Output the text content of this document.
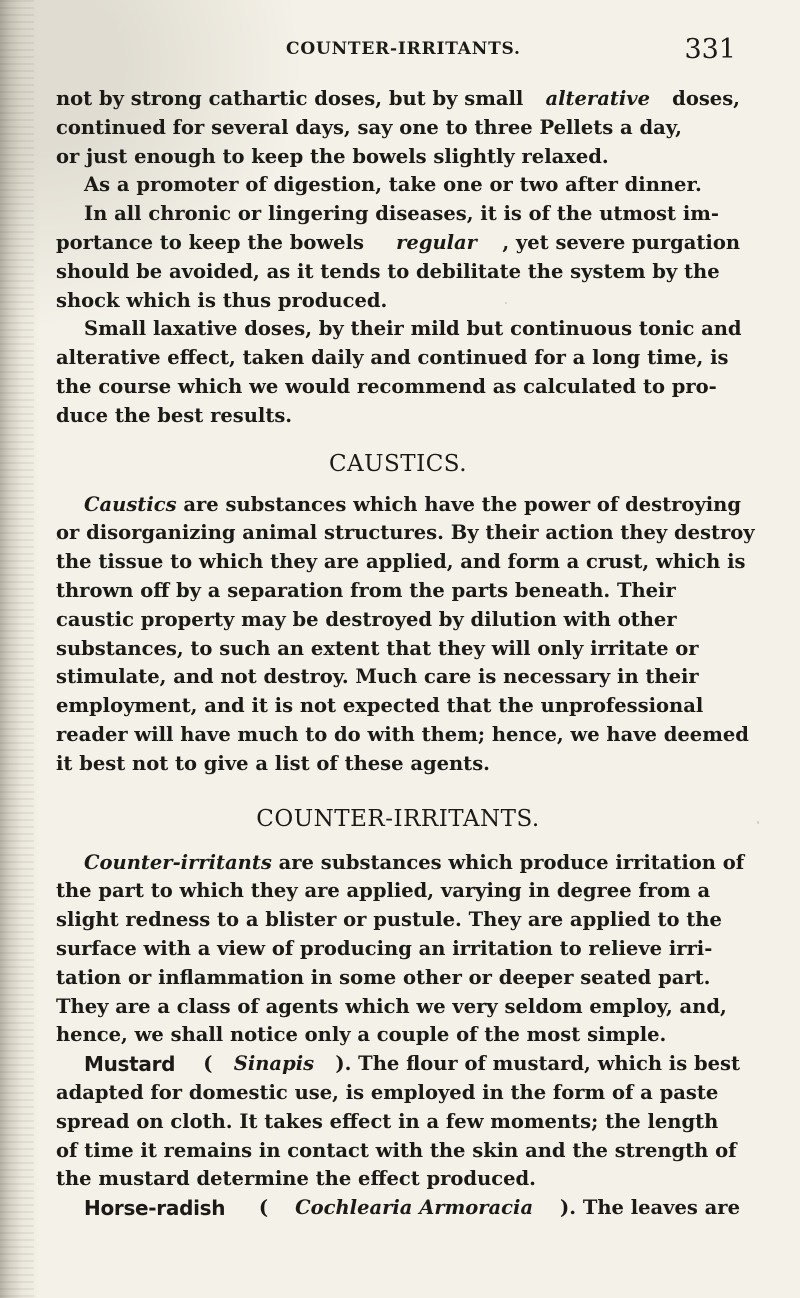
COUNTER-IRRITANTS.	331
not by strong cathartic doses, but by small alterative doses,
continued for several days, say one to three Pellets a day,
or just enough to keep the bowels slightly relaxed.
As a promoter of digestion, take one or two after dinner.
In all chronic or lingering diseases, it is of the utmost im-
portance to keep the bowels regular , yet severe purgation
should be avoided, as it tends to debilitate the system by the
shock which is thus produced.
Small laxative doses, by their mild but continuous tonic and
alterative effect, taken daily and continued for a long time, is
the course which we would recommend as calculated to pro-
duce the best results.
CAUSTICS.
Caustics are substances which have the power of destroying
or disorganizing animal structures. By their action they destroy
the tissue to which they are applied, and form a crust, which is
thrown off by a separation from the parts beneath. Their
caustic property may be destroyed by dilution with other
substances, to such an extent that they will only irritate or
stimulate, and not destroy. Much care is necessary in their
employment, and it is not expected that the unprofessional
reader will have much to do with them; hence, we have deemed
it best not to give a list of these agents.
COUNTER-IRRITANTS.
Counter-irritants are substances which produce irritation of
the part to which they are applied, varying in degree from a
slight redness to a blister or pustule. They are applied to the
surface with a view of producing an irritation to relieve irri-
tation or inflammation in some other or deeper seated part.
They are a class of agents which we very seldom employ, and,
hence, we shall notice only a couple of the most simple.
Mustard ( Sinapis ). The flour of mustard, which is best
adapted for domestic use, is employed in the form of a paste
spread on cloth. It takes effect in a few moments; the length
of time it remains in contact with the skin and the strength of
the mustard determine the effect produced.
Horse-radish ( Cochlearia Armoracia ). The leaves are
